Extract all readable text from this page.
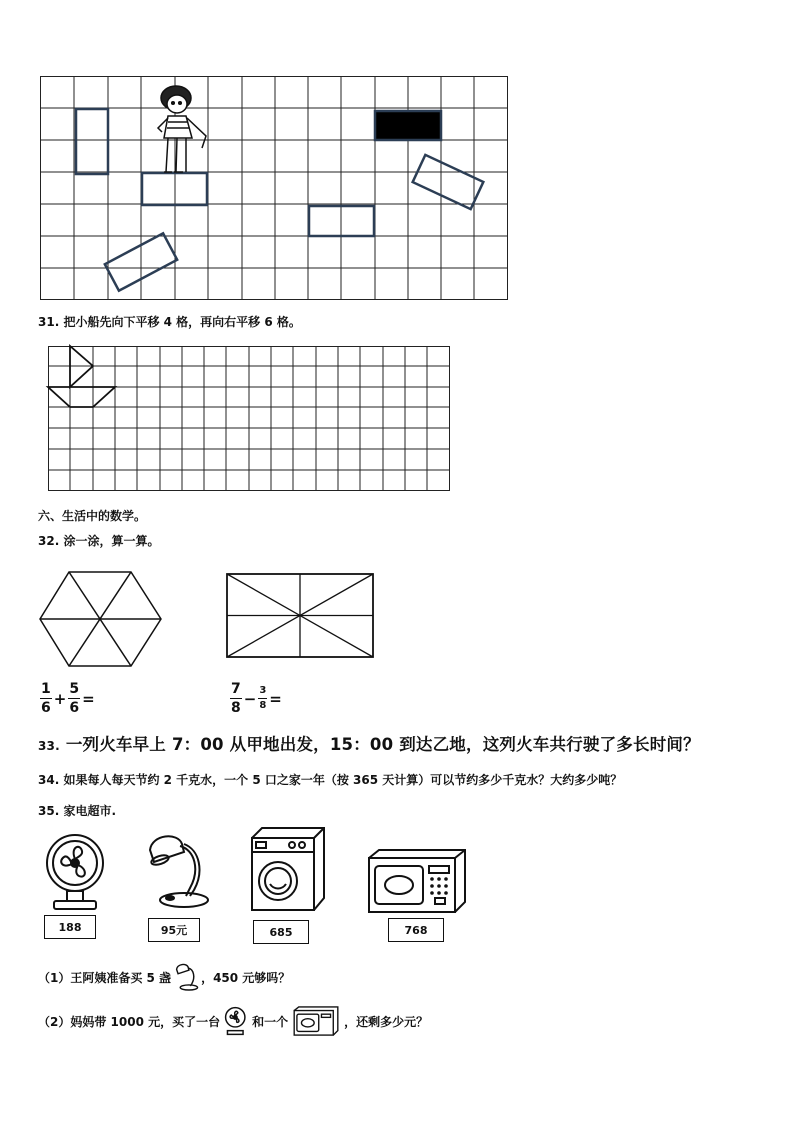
31. 把小船先向下平移 4 格，再向右平移 6 格。
六、生活中的数学。
32. 涂一涂，算一算。
$\frac{1}{6} + \frac{5}{6}$ =	$\frac{7}{8} - \frac{3}{8}$ =
33. 一列火车早上 7：00 从甲地出发，15：00 到达乙地，这列火车共行驶了多长时间？
34. 如果每人每天节约 2 千克水，一个 5 口之家一年（按 365 天计算）可以节约多少千克水？大约多少吨？
35. 家电超市.
188	95元	685	768
（1）王阿姨准备买 5 盏	，450 元够吗？
（2）妈妈带 1000 元，买了一台	和一个	，还剩多少元？
